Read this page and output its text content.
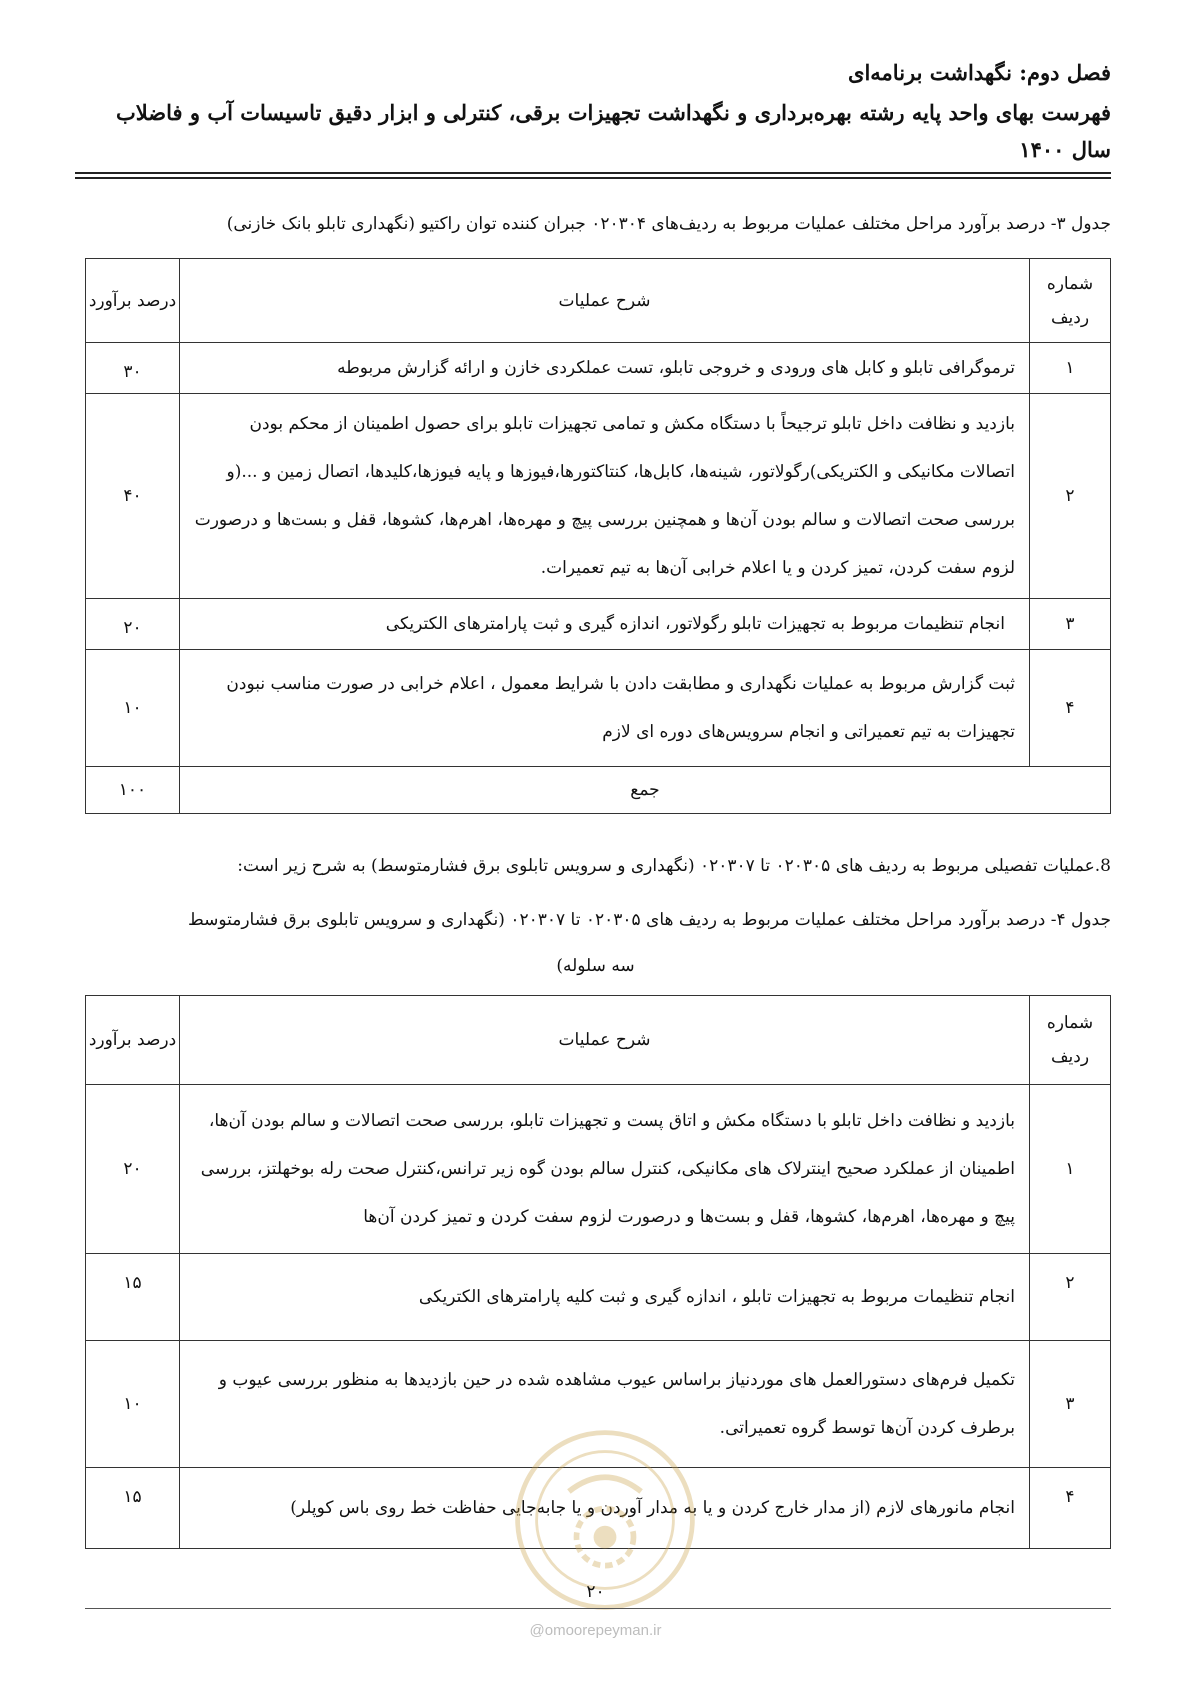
فصل دوم: نگهداشت برنامه‌ای
فهرست بهای واحد پایه رشته بهره‌برداری و نگهداشت تجهیزات برقی، کنترلی و ابزار دقیق تاسیسات آب و فاضلاب سال ۱۴۰۰
جدول ۳- درصد برآورد مراحل مختلف عملیات مربوط به ردیف‌های ۰۲۰۳۰۴ جبران کننده توان راکتیو (نگهداری تابلو بانک خازنی)
شماره ردیف	شرح عملیات	درصد برآورد
۱	ترموگرافی تابلو و کابل های ورودی و خروجی تابلو، تست عملکردی خازن و ارائه گزارش مربوطه	۳۰
۲	بازدید و نظافت داخل تابلو ترجیحاً با دستگاه مکش و تمامی تجهیزات تابلو برای حصول اطمینان از محکم بودن اتصالات مکانیکی و الکتریکی)رگولاتور، شینه‌ها، کابل‌ها، کنتاکتورها،فیوزها و پایه فیوزها،کلیدها، اتصال زمین و ...(و بررسی صحت اتصالات و سالم بودن آن‌ها و همچنین بررسی پیچ و مهره‌ها، اهرم‌ها، کشوها، قفل و بست‌ها و درصورت لزوم سفت کردن، تمیز کردن و یا اعلام خرابی آن‌ها به تیم تعمیرات.	۴۰
۳	انجام تنظیمات مربوط به تجهیزات تابلو رگولاتور، اندازه گیری و ثبت پارامترهای الکتریکی	۲۰
۴	ثبت گزارش مربوط به عملیات نگهداری و مطابقت دادن با شرایط معمول ، اعلام خرابی در صورت مناسب نبودن تجهیزات به تیم تعمیراتی و انجام سرویس‌های دوره ای لازم	۱۰
جمع		۱۰۰
8.عملیات تفصیلی مربوط به ردیف های ۰۲۰۳۰۵ تا ۰۲۰۳۰۷ (نگهداری و سرویس تابلوی برق فشارمتوسط) به شرح زیر است:
جدول ۴- درصد برآورد مراحل مختلف عملیات مربوط به ردیف های ۰۲۰۳۰۵ تا ۰۲۰۳۰۷ (نگهداری و سرویس تابلوی برق فشارمتوسط
سه سلوله)
شماره ردیف	شرح عملیات	درصد برآورد
۱	بازدید و نظافت داخل تابلو با دستگاه مکش و اتاق پست و تجهیزات تابلو، بررسی صحت اتصالات و سالم بودن آن‌ها، اطمینان از عملکرد صحیح اینترلاک های مکانیکی، کنترل سالم بودن گوه زیر ترانس،کنترل صحت رله بوخهلتز، بررسی پیچ و مهره‌ها، اهرم‌ها، کشوها، قفل و بست‌ها و درصورت لزوم سفت کردن و تمیز کردن آن‌ها	۲۰
۲	انجام تنظیمات مربوط به تجهیزات تابلو ، اندازه گیری و ثبت کلیه پارامترهای الکتریکی	۱۵
۳	تکمیل فرم‌های دستورالعمل های موردنیاز براساس عیوب مشاهده شده در حین بازدیدها به منظور بررسی عیوب و برطرف کردن آن‌ها توسط گروه تعمیراتی.	۱۰
۴	انجام مانورهای لازم (از مدار خارج کردن و یا به مدار آوردن و یا جابه‌جایی حفاظت خط روی باس کوپلر)	۱۵
۲۰
@omoorepeyman.ir
